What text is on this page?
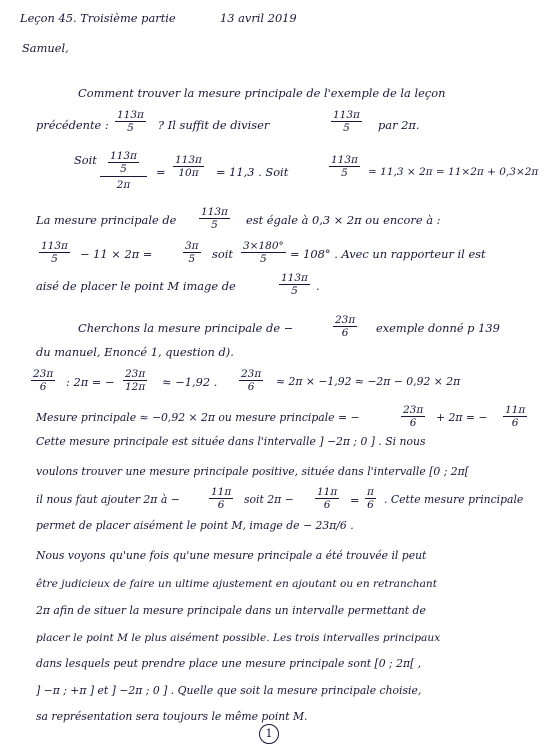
Leçon 45. Troisième partie	13 avril 2019
Samuel,
Comment trouver la mesure principale de l'exemple de la leçon
précédente : $\frac{113\pi}{5}$ ? Il suffit de diviser	$\frac{113\pi}{5}$ par 2π.
Soit $\frac{\frac{113\pi}{5}}{2\pi} = \frac{113\pi}{10\pi} = 11,3$ . Soit	$\frac{113\pi}{5} = 11,3 \times 2\pi = 11\times 2\pi + 0,3\times 2\pi$
La mesure principale de $\frac{113\pi}{5}$ est égale à 0,3 × 2π ou encore à :
$\frac{113\pi}{5} - 11 \times 2\pi$ =	$\frac{3\pi}{5}$ soit $\frac{3\times 180^\circ}{5} = 108^\circ$ . Avec un rapporteur il est
aisé de placer le point M image de	$\frac{113\pi}{5}$ .
Cherchons la mesure principale de −	$\frac{23\pi}{6}$ exemple donné p 139
du manuel, Enoncé 1, question d).
$\frac{23\pi}{6}$ : 2π = − $\frac{23\pi}{12\pi} \approx -1,92$ . $\frac{23\pi}{6} \approx 2\pi \times -1,92 \approx -2\pi - 0,92 \times 2\pi$
Mesure principale ≈ −0,92 × 2π ou mesure principale = −	$\frac{23\pi}{6} + 2\pi$ = − $\frac{11\pi}{6}$
Cette mesure principale est située dans l'intervalle ] −2π ; 0 ] . Si nous
voulons trouver une mesure principale positive, située dans l'intervalle [0 ; 2π[
il nous faut ajouter 2π à −	$\frac{11\pi}{6}$ soit $2\pi - \frac{11\pi}{6} = \frac{\pi}{6}$ . Cette mesure principale
permet de placer aisément le point M, image de − 23π/6 .
Nous voyons qu'une fois qu'une mesure principale a été trouvée il peut
être judicieux de faire un ultime ajustement en ajoutant ou en retranchant
2π afin de situer la mesure principale dans un intervalle permettant de
placer le point M le plus aisément possible. Les trois intervalles principaux
dans lesquels peut prendre place une mesure principale sont [0 ; 2π[ ,
] −π ; +π ] et ] −2π ; 0 ] . Quelle que soit la mesure principale choisie,
sa représentation sera toujours le même point M.
1
